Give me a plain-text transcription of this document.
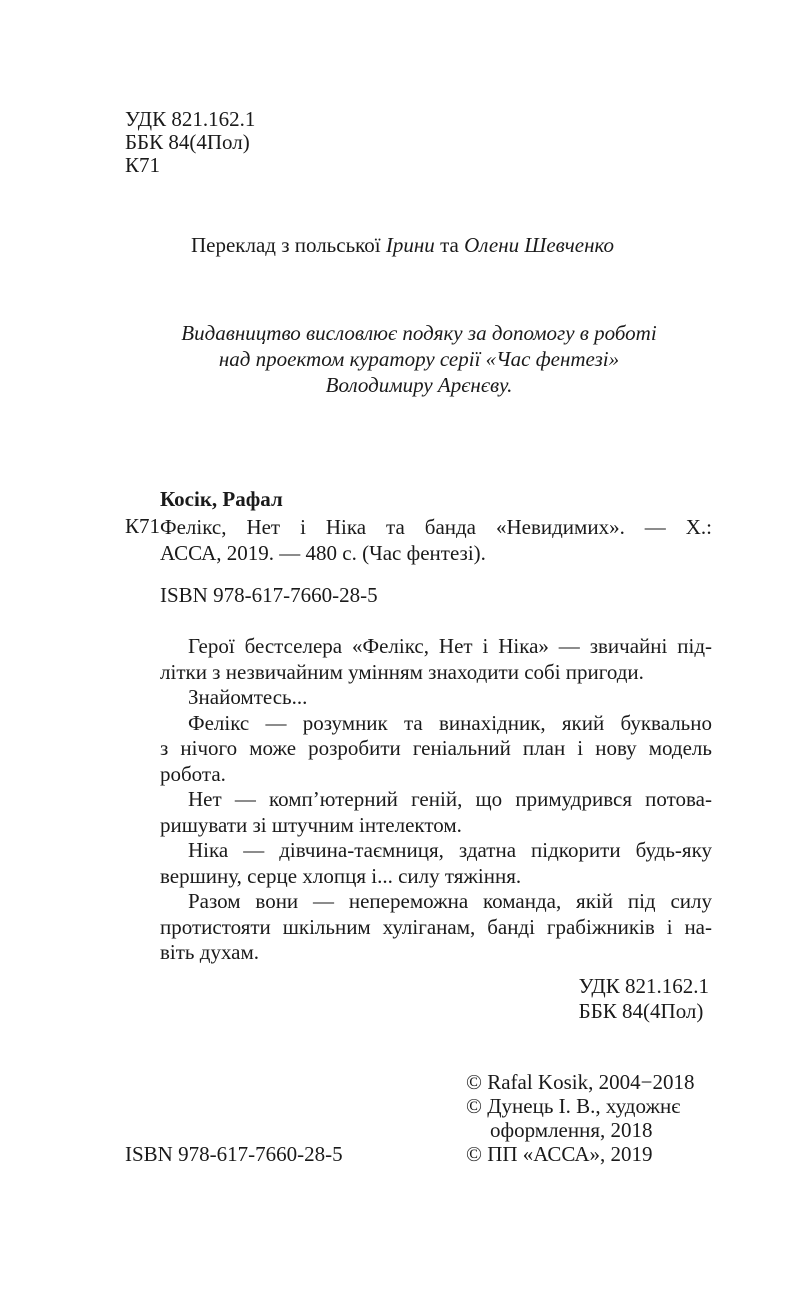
УДК 821.162.1
ББК 84(4Пол)
К71
Переклад з польської Ірини та Олени Шевченко
Видавництво висловлює подяку за допомогу в роботі
над проектом куратору серії «Час фентезі»
Володимиру Арєнєву.
Косік, Рафал
К71 Фелікс, Нет і Ніка та банда «Невидимих». — Х.:
АССА, 2019. — 480 с. (Час фентезі).
ISBN 978-617-7660-28-5
Герої бестселера «Фелікс, Нет і Ніка» — звичайні під-
літки з незвичайним умінням знаходити собі пригоди.
Знайомтесь...
Фелікс — розумник та винахідник, який буквально
з нічого може розробити геніальний план і нову модель
робота.
Нет — комп’ютерний геній, що примудрився потова-
ришувати зі штучним інтелектом.
Ніка — дівчина-таємниця, здатна підкорити будь-яку
вершину, серце хлопця і... силу тяжіння.
Разом вони — непереможна команда, якій під силу
протистояти шкільним хуліганам, банді грабіжників і на-
віть духам.
УДК 821.162.1
ББК 84(4Пол)
© Rafal Kosik, 2004−2018
© Дунець І. В., художнє
оформлення, 2018
© ПП «АССА», 2019
ISBN 978-617-7660-28-5
